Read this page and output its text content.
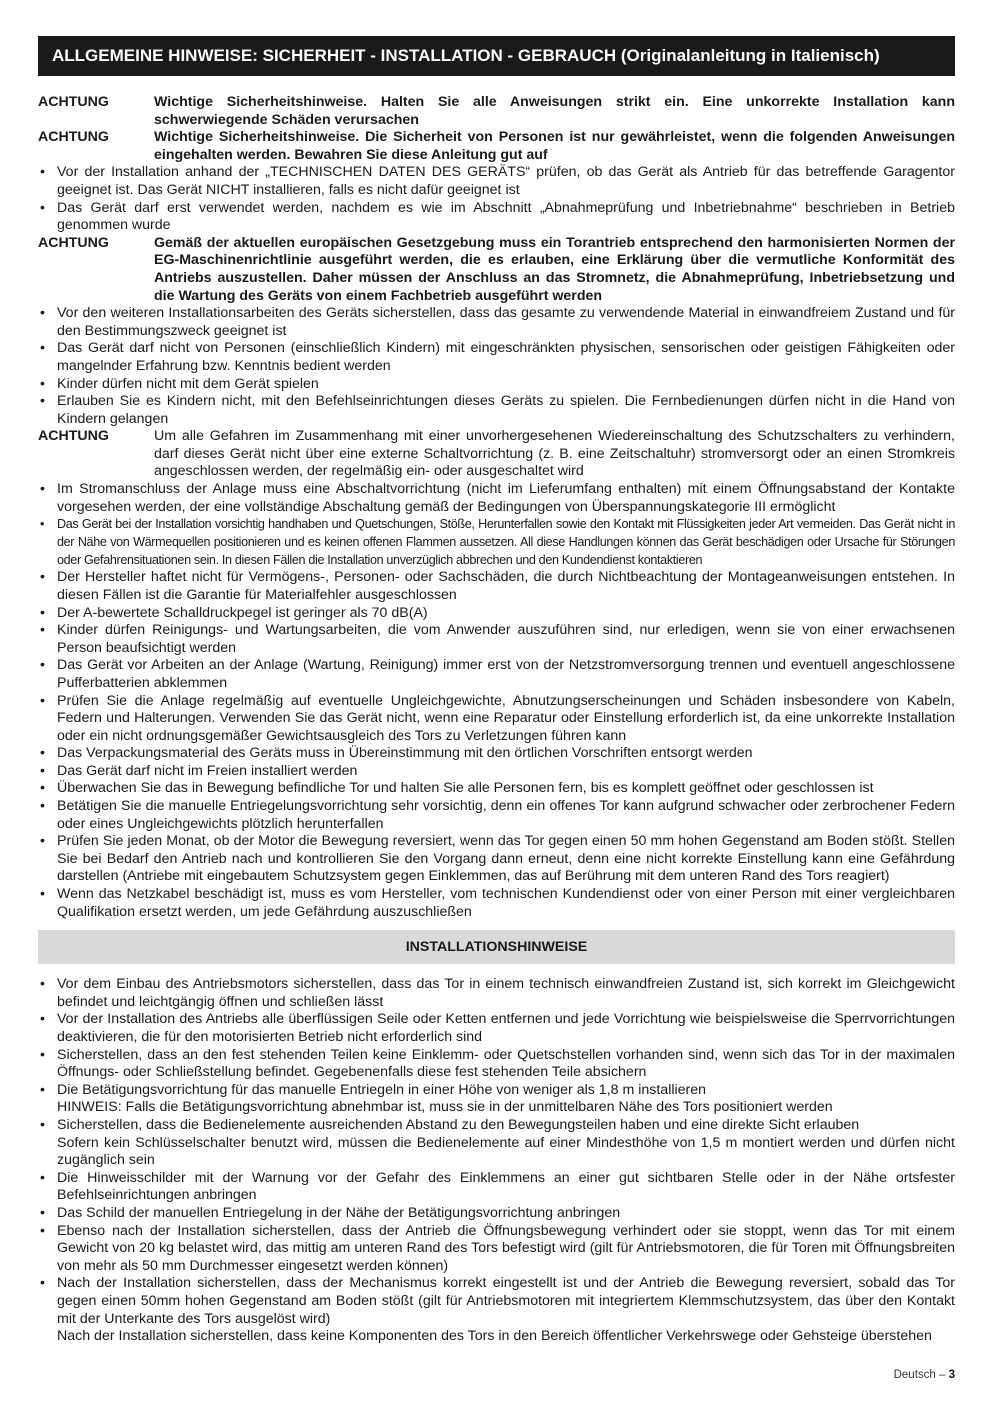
ALLGEMEINE HINWEISE: SICHERHEIT - INSTALLATION - GEBRAUCH (Originalanleitung in Italienisch)
ACHTUNG	Wichtige Sicherheitshinweise. Halten Sie alle Anweisungen strikt ein. Eine unkorrekte Installation kann schwerwiegende Schäden verursachen
ACHTUNG	Wichtige Sicherheitshinweise. Die Sicherheit von Personen ist nur gewährleistet, wenn die folgenden Anweisungen eingehalten werden. Bewahren Sie diese Anleitung gut auf
• Vor der Installation anhand der „TECHNISCHEN DATEN DES GERÄTS“ prüfen, ob das Gerät als Antrieb für das betreffende Garagentor geeignet ist. Das Gerät NICHT installieren, falls es nicht dafür geeignet ist
• Das Gerät darf erst verwendet werden, nachdem es wie im Abschnitt „Abnahmeprüfung und Inbetriebnahme“ beschrieben in Betrieb genommen wurde
ACHTUNG	Gemäß der aktuellen europäischen Gesetzgebung muss ein Torantrieb entsprechend den harmonisierten Normen der EG-Maschinenrichtlinie ausgeführt werden, die es erlauben, eine Erklärung über die vermutliche Konformität des Antriebs auszustellen. Daher müssen der Anschluss an das Stromnetz, die Abnahmeprüfung, Inbetriebsetzung und die Wartung des Geräts von einem Fachbetrieb ausgeführt werden
• Vor den weiteren Installationsarbeiten des Geräts sicherstellen, dass das gesamte zu verwendende Material in einwandfreiem Zustand und für den Bestimmungszweck geeignet ist
• Das Gerät darf nicht von Personen (einschließlich Kindern) mit eingeschränkten physischen, sensorischen oder geistigen Fähigkeiten oder mangelnder Erfahrung bzw. Kenntnis bedient werden
• Kinder dürfen nicht mit dem Gerät spielen
• Erlauben Sie es Kindern nicht, mit den Befehlseinrichtungen dieses Geräts zu spielen. Die Fernbedienungen dürfen nicht in die Hand von Kindern gelangen
ACHTUNG	Um alle Gefahren im Zusammenhang mit einer unvorhergesehenen Wiedereinschaltung des Schutzschalters zu verhindern, darf dieses Gerät nicht über eine externe Schaltvorrichtung (z. B. eine Zeitschaltuhr) stromversorgt oder an einen Stromkreis angeschlossen werden, der regelmäßig ein- oder ausgeschaltet wird
• Im Stromanschluss der Anlage muss eine Abschaltvorrichtung (nicht im Lieferumfang enthalten) mit einem Öffnungsabstand der Kontakte vorgesehen werden, der eine vollständige Abschaltung gemäß der Bedingungen von Überspannungskategorie III ermöglicht
•	Das Gerät bei der Installation vorsichtig handhaben und Quetschungen, Stöße, Herunterfallen sowie den Kontakt mit Flüssigkeiten jeder Art vermeiden. Das Gerät nicht in der Nähe von Wärmequellen positionieren und es keinen offenen Flammen aussetzen. All diese Handlungen können das Gerät beschädigen oder Ursache für Störungen oder Gefahrensituationen sein. In diesen Fällen die Installation unverzüglich abbrechen und den Kundendienst kontaktieren
• Der Hersteller haftet nicht für Vermögens-, Personen- oder Sachschäden, die durch Nichtbeachtung der Montageanweisungen entstehen. In diesen Fällen ist die Garantie für Materialfehler ausgeschlossen
• Der A-bewertete Schalldruckpegel ist geringer als 70 dB(A)
• Kinder dürfen Reinigungs- und Wartungsarbeiten, die vom Anwender auszuführen sind, nur erledigen, wenn sie von einer erwachsenen Person beaufsichtigt werden
• Das Gerät vor Arbeiten an der Anlage (Wartung, Reinigung) immer erst von der Netzstromversorgung trennen und eventuell angeschlossene Pufferbatterien abklemmen
• Prüfen Sie die Anlage regelmäßig auf eventuelle Ungleichgewichte, Abnutzungserscheinungen und Schäden insbesondere von Kabeln, Federn und Halterungen. Verwenden Sie das Gerät nicht, wenn eine Reparatur oder Einstellung erforderlich ist, da eine unkorrekte Installation oder ein nicht ordnungsgemäßer Gewichtsausgleich des Tors zu Verletzungen führen kann
• Das Verpackungsmaterial des Geräts muss in Übereinstimmung mit den örtlichen Vorschriften entsorgt werden
• Das Gerät darf nicht im Freien installiert werden
• Überwachen Sie das in Bewegung befindliche Tor und halten Sie alle Personen fern, bis es komplett geöffnet oder geschlossen ist
• Betätigen Sie die manuelle Entriegelungsvorrichtung sehr vorsichtig, denn ein offenes Tor kann aufgrund schwacher oder zerbrochener Federn oder eines Ungleichgewichts plötzlich herunterfallen
• Prüfen Sie jeden Monat, ob der Motor die Bewegung reversiert, wenn das Tor gegen einen 50 mm hohen Gegenstand am Boden stößt. Stellen Sie bei Bedarf den Antrieb nach und kontrollieren Sie den Vorgang dann erneut, denn eine nicht korrekte Einstellung kann eine Gefährdung darstellen (Antriebe mit eingebautem Schutzsystem gegen Einklemmen, das auf Berührung mit dem unteren Rand des Tors reagiert)
• Wenn das Netzkabel beschädigt ist, muss es vom Hersteller, vom technischen Kundendienst oder von einer Person mit einer vergleichbaren Qualifikation ersetzt werden, um jede Gefährdung auszuschließen
INSTALLATIONSHINWEISE
• Vor dem Einbau des Antriebsmotors sicherstellen, dass das Tor in einem technisch einwandfreien Zustand ist, sich korrekt im Gleichgewicht befindet und leichtgängig öffnen und schließen lässt
• Vor der Installation des Antriebs alle überflüssigen Seile oder Ketten entfernen und jede Vorrichtung wie beispielsweise die Sperrvorrichtungen deaktivieren, die für den motorisierten Betrieb nicht erforderlich sind
• Sicherstellen, dass an den fest stehenden Teilen keine Einklemm- oder Quetschstellen vorhanden sind, wenn sich das Tor in der maximalen Öffnungs- oder Schließstellung befindet. Gegebenenfalls diese fest stehenden Teile absichern
• Die Betätigungsvorrichtung für das manuelle Entriegeln in einer Höhe von weniger als 1,8 m installieren
HINWEIS: Falls die Betätigungsvorrichtung abnehmbar ist, muss sie in der unmittelbaren Nähe des Tors positioniert werden
• Sicherstellen, dass die Bedienelemente ausreichenden Abstand zu den Bewegungsteilen haben und eine direkte Sicht erlauben
Sofern kein Schlüsselschalter benutzt wird, müssen die Bedienelemente auf einer Mindesthöhe von 1,5 m montiert werden und dürfen nicht zugänglich sein
• Die Hinweisschilder mit der Warnung vor der Gefahr des Einklemmens an einer gut sichtbaren Stelle oder in der Nähe ortsfester Befehlseinrichtungen anbringen
• Das Schild der manuellen Entriegelung in der Nähe der Betätigungsvorrichtung anbringen
• Ebenso nach der Installation sicherstellen, dass der Antrieb die Öffnungsbewegung verhindert oder sie stoppt, wenn das Tor mit einem Gewicht von 20 kg belastet wird, das mittig am unteren Rand des Tors befestigt wird (gilt für Antriebsmotoren, die für Toren mit Öffnungsbreiten von mehr als 50 mm Durchmesser eingesetzt werden können)
• Nach der Installation sicherstellen, dass der Mechanismus korrekt eingestellt ist und der Antrieb die Bewegung reversiert, sobald das Tor gegen einen 50mm hohen Gegenstand am Boden stößt (gilt für Antriebsmotoren mit integriertem Klemmschutzsystem, das über den Kontakt mit der Unterkante des Tors ausgelöst wird)
Nach der Installation sicherstellen, dass keine Komponenten des Tors in den Bereich öffentlicher Verkehrswege oder Gehsteige überstehen
Deutsch – 3
